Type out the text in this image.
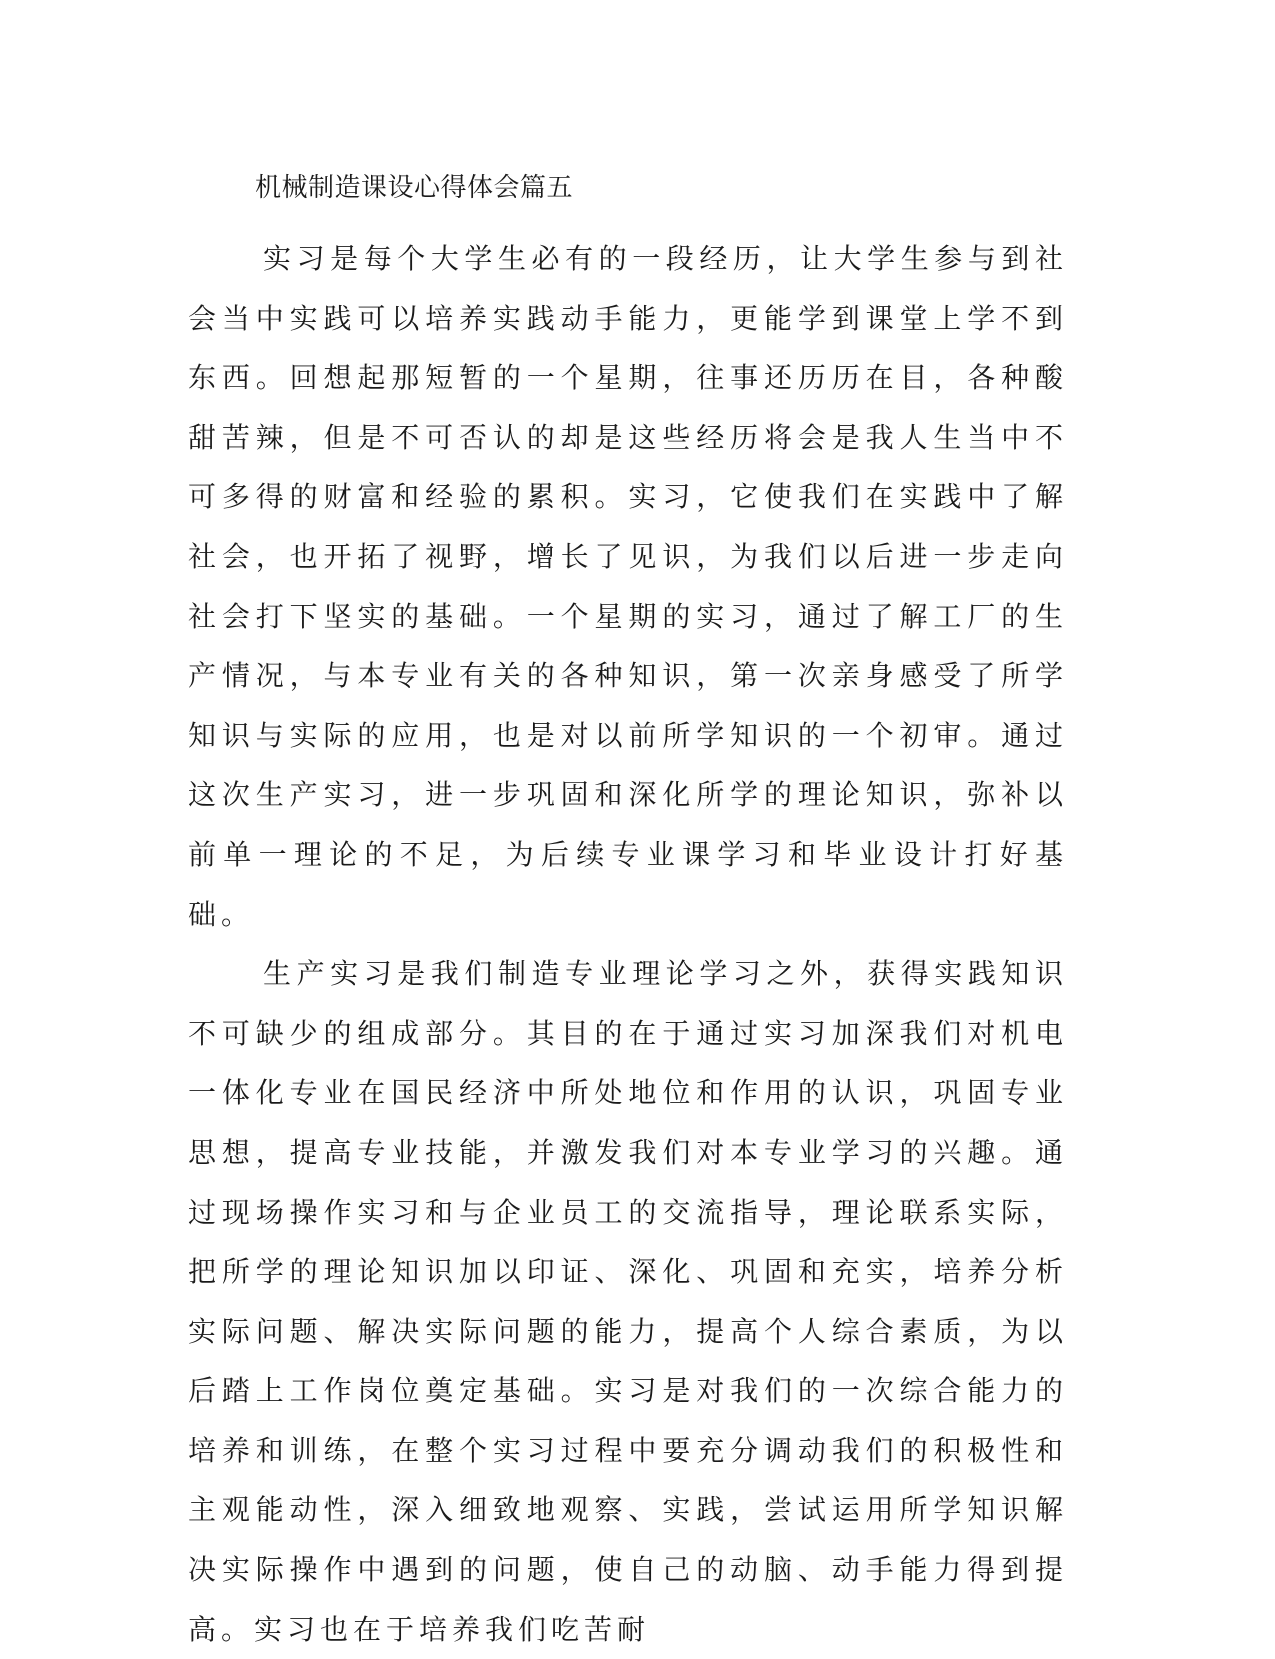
机械制造课设心得体会篇五

实习是每个大学生必有的一段经历，让大学生参与到社会当中实践可以培养实践动手能力，更能学到课堂上学不到东西。回想起那短暂的一个星期，往事还历历在目，各种酸甜苦辣，但是不可否认的却是这些经历将会是我人生当中不可多得的财富和经验的累积。实习，它使我们在实践中了解社会，也开拓了视野，增长了见识，为我们以后进一步走向社会打下坚实的基础。一个星期的实习，通过了解工厂的生产情况，与本专业有关的各种知识，第一次亲身感受了所学知识与实际的应用，也是对以前所学知识的一个初审。通过这次生产实习，进一步巩固和深化所学的理论知识，弥补以前单一理论的不足，为后续专业课学习和毕业设计打好基础。

生产实习是我们制造专业理论学习之外，获得实践知识不可缺少的组成部分。其目的在于通过实习加深我们对机电一体化专业在国民经济中所处地位和作用的认识，巩固专业思想，提高专业技能，并激发我们对本专业学习的兴趣。通过现场操作实习和与企业员工的交流指导，理论联系实际，把所学的理论知识加以印证、深化、巩固和充实，培养分析实际问题、解决实际问题的能力，提高个人综合素质，为以后踏上工作岗位奠定基础。实习是对我们的一次综合能力的培养和训练，在整个实习过程中要充分调动我们的积极性和主观能动性，深入细致地观察、实践，尝试运用所学知识解决实际操作中遇到的问题，使自己的动脑、动手能力得到提高。实习也在于培养我们吃苦耐
